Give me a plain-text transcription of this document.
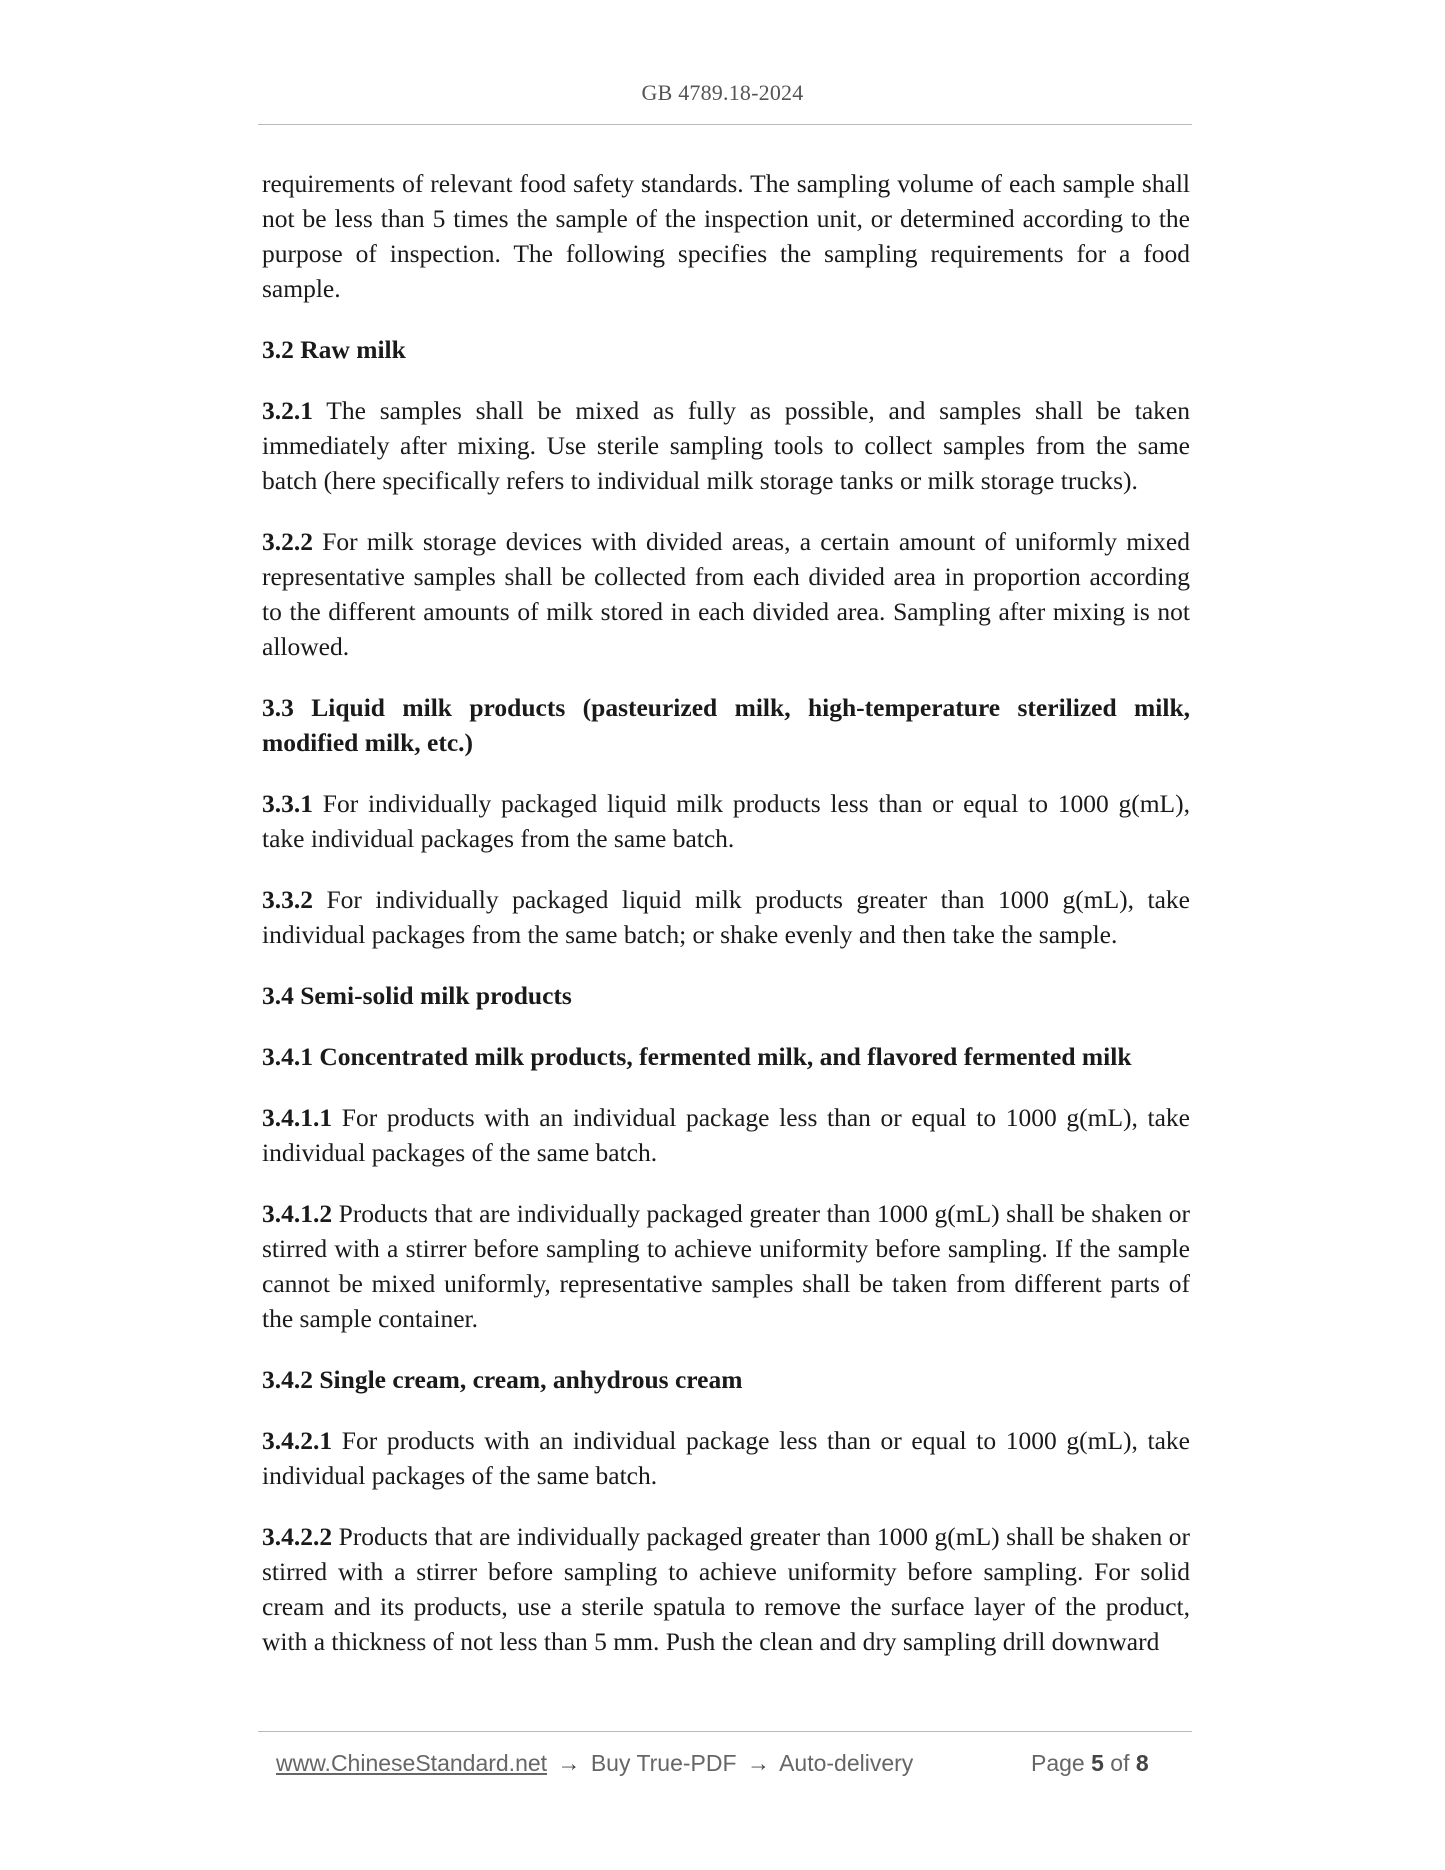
GB 4789.18-2024

requirements of relevant food safety standards. The sampling volume of each sample shall not be less than 5 times the sample of the inspection unit, or determined according to the purpose of inspection. The following specifies the sampling requirements for a food sample.

3.2 Raw milk

3.2.1 The samples shall be mixed as fully as possible, and samples shall be taken immediately after mixing. Use sterile sampling tools to collect samples from the same batch (here specifically refers to individual milk storage tanks or milk storage trucks).

3.2.2 For milk storage devices with divided areas, a certain amount of uniformly mixed representative samples shall be collected from each divided area in proportion according to the different amounts of milk stored in each divided area. Sampling after mixing is not allowed.

3.3 Liquid milk products (pasteurized milk, high-temperature sterilized milk, modified milk, etc.)

3.3.1 For individually packaged liquid milk products less than or equal to 1000 g(mL), take individual packages from the same batch.

3.3.2 For individually packaged liquid milk products greater than 1000 g(mL), take individual packages from the same batch; or shake evenly and then take the sample.

3.4 Semi-solid milk products

3.4.1 Concentrated milk products, fermented milk, and flavored fermented milk

3.4.1.1 For products with an individual package less than or equal to 1000 g(mL), take individual packages of the same batch.

3.4.1.2 Products that are individually packaged greater than 1000 g(mL) shall be shaken or stirred with a stirrer before sampling to achieve uniformity before sampling. If the sample cannot be mixed uniformly, representative samples shall be taken from different parts of the sample container.

3.4.2 Single cream, cream, anhydrous cream

3.4.2.1 For products with an individual package less than or equal to 1000 g(mL), take individual packages of the same batch.

3.4.2.2 Products that are individually packaged greater than 1000 g(mL) shall be shaken or stirred with a stirrer before sampling to achieve uniformity before sampling. For solid cream and its products, use a sterile spatula to remove the surface layer of the product, with a thickness of not less than 5 mm. Push the clean and dry sampling drill downward

www.ChineseStandard.net → Buy True-PDF → Auto-delivery	Page 5 of 8
